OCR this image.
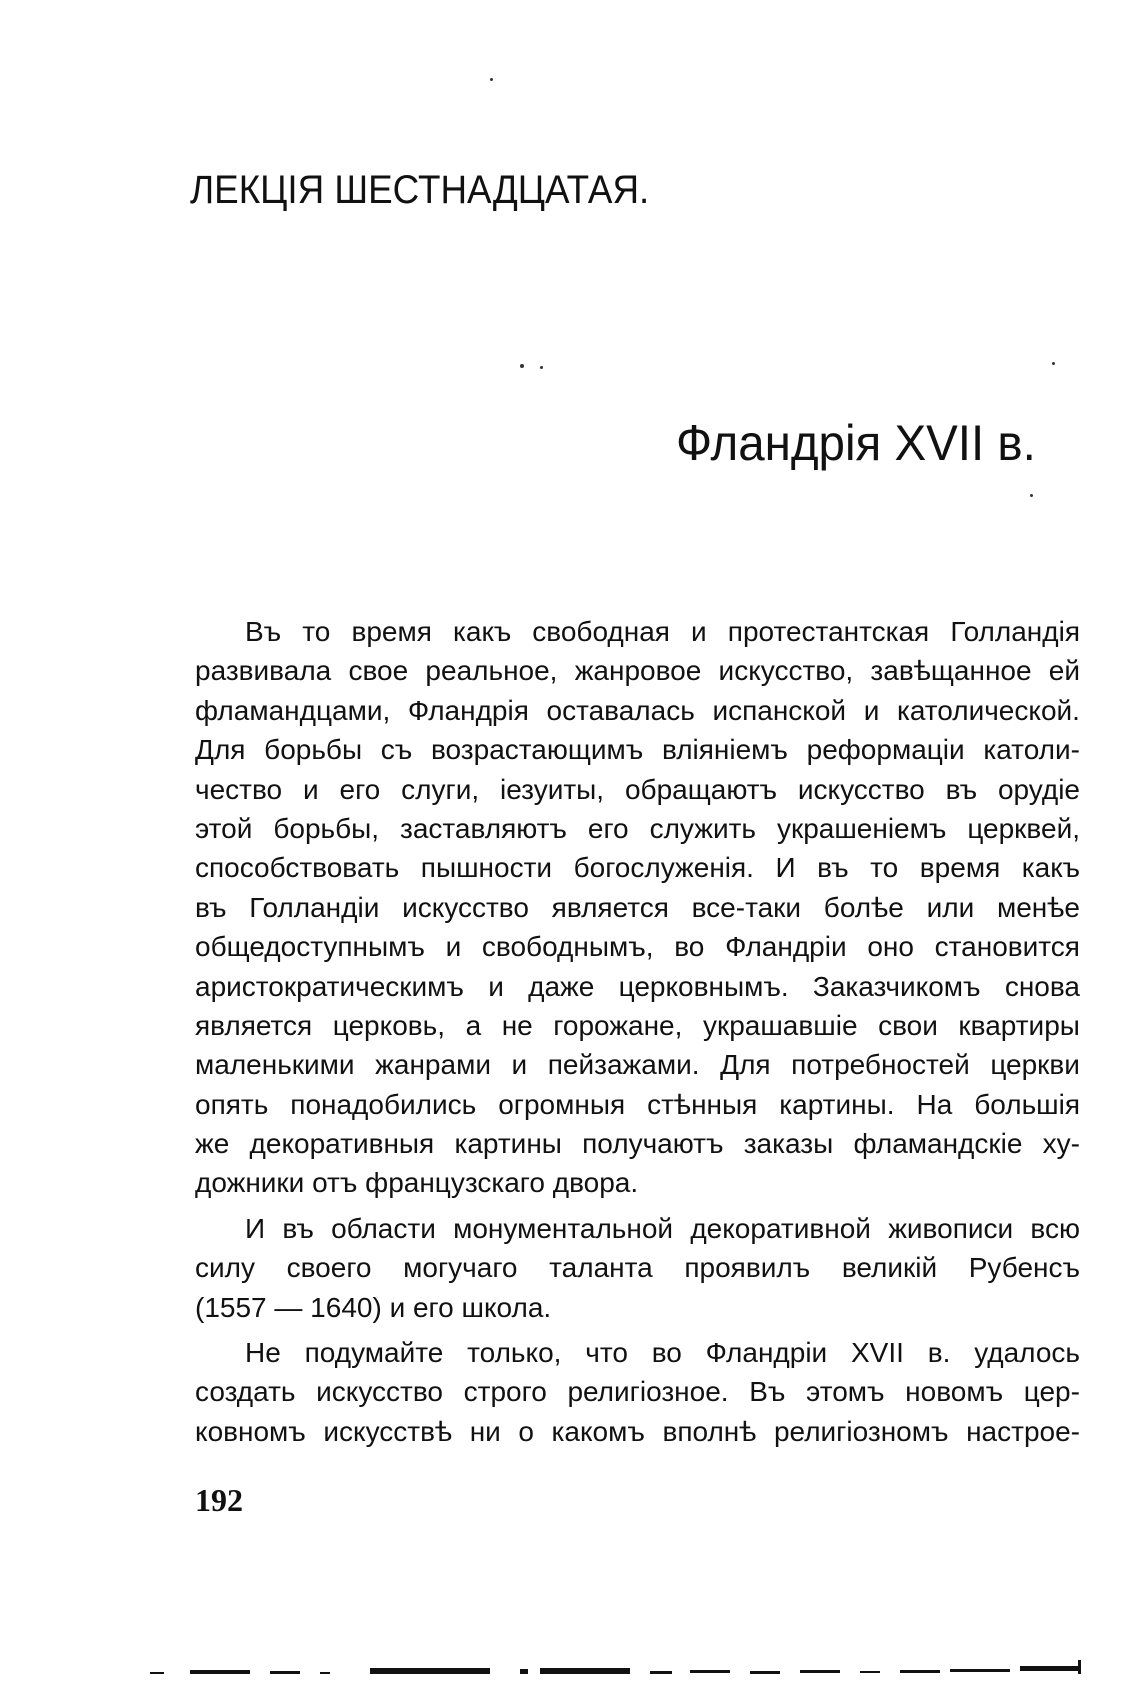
ЛЕКЦІЯ ШЕСТНАДЦАТАЯ.
Фландрія XVII в.
Въ то время какъ свободная и протестантская Голландія
развивала свое реальное, жанровое искусство, завѣщанное ей
фламандцами, Фландрія оставалась испанской и католической.
Для борьбы съ возрастающимъ вліяніемъ реформаціи католи-
чество и его слуги, іезуиты, обращаютъ искусство въ орудіе
этой борьбы, заставляютъ его служить украшеніемъ церквей,
способствовать пышности богослуженія. И въ то время какъ
въ Голландіи искусство является все-таки болѣе или менѣе
общедоступнымъ и свободнымъ, во Фландріи оно становится
аристократическимъ и даже церковнымъ. Заказчикомъ снова
является церковь, а не горожане, украшавшіе свои квартиры
маленькими жанрами и пейзажами. Для потребностей церкви
опять понадобились огромныя стѣнныя картины. На большія
же декоративныя картины получаютъ заказы фламандскіе ху-
дожники отъ французскаго двора.
И въ области монументальной декоративной живописи всю
силу своего могучаго таланта проявилъ великій Рубенсъ
(1557 — 1640) и его школа.
Не подумайте только, что во Фландріи XVII в. удалось
создать искусство строго религіозное. Въ этомъ новомъ цер-
ковномъ искусствѣ ни о какомъ вполнѣ религіозномъ настрое-
192
